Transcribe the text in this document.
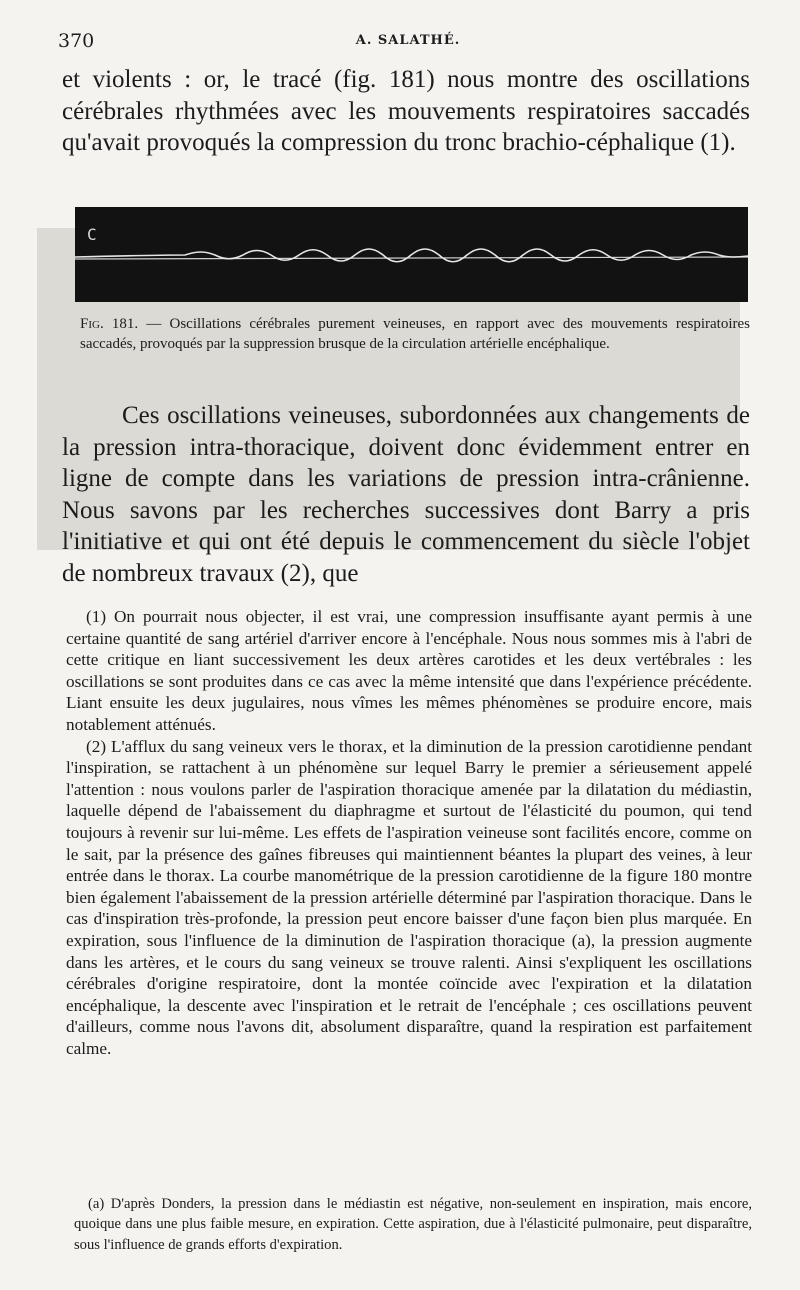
370	A. SALATHÉ.

et violents : or, le tracé (fig. 181) nous montre des oscillations cérébrales rhythmées avec les mouvements respiratoires saccadés qu'avait provoqués la compression du tronc brachio-céphalique (1).

C

Fig. 181. — Oscillations cérébrales purement veineuses, en rapport avec des mouvements respiratoires saccadés, provoqués par la suppression brusque de la circulation artérielle encéphalique.

Ces oscillations veineuses, subordonnées aux changements de la pression intra-thoracique, doivent donc évidemment entrer en ligne de compte dans les variations de pression intra-crânienne. Nous savons par les recherches successives dont Barry a pris l'initiative et qui ont été depuis le commencement du siècle l'objet de nombreux travaux (2), que

(1) On pourrait nous objecter, il est vrai, une compression insuffisante ayant permis à une certaine quantité de sang artériel d'arriver encore à l'encéphale. Nous nous sommes mis à l'abri de cette critique en liant successivement les deux artères carotides et les deux vertébrales : les oscillations se sont produites dans ce cas avec la même intensité que dans l'expérience précédente. Liant ensuite les deux jugulaires, nous vîmes les mêmes phénomènes se produire encore, mais notablement atténués.

(2) L'afflux du sang veineux vers le thorax, et la diminution de la pression carotidienne pendant l'inspiration, se rattachent à un phénomène sur lequel Barry le premier a sérieusement appelé l'attention : nous voulons parler de l'aspiration thoracique amenée par la dilatation du médiastin, laquelle dépend de l'abaissement du diaphragme et surtout de l'élasticité du poumon, qui tend toujours à revenir sur lui-même. Les effets de l'aspiration veineuse sont facilités encore, comme on le sait, par la présence des gaînes fibreuses qui maintiennent béantes la plupart des veines, à leur entrée dans le thorax. La courbe manométrique de la pression carotidienne de la figure 180 montre bien également l'abaissement de la pression artérielle déterminé par l'aspiration thoracique. Dans le cas d'inspiration très-profonde, la pression peut encore baisser d'une façon bien plus marquée. En expiration, sous l'influence de la diminution de l'aspiration thoracique (a), la pression augmente dans les artères, et le cours du sang veineux se trouve ralenti. Ainsi s'expliquent les oscillations cérébrales d'origine respiratoire, dont la montée coïncide avec l'expiration et la dilatation encéphalique, la descente avec l'inspiration et le retrait de l'encéphale ; ces oscillations peuvent d'ailleurs, comme nous l'avons dit, absolument disparaître, quand la respiration est parfaitement calme.

(a) D'après Donders, la pression dans le médiastin est négative, non-seulement en inspiration, mais encore, quoique dans une plus faible mesure, en expiration. Cette aspiration, due à l'élasticité pulmonaire, peut disparaître, sous l'influence de grands efforts d'expiration.
